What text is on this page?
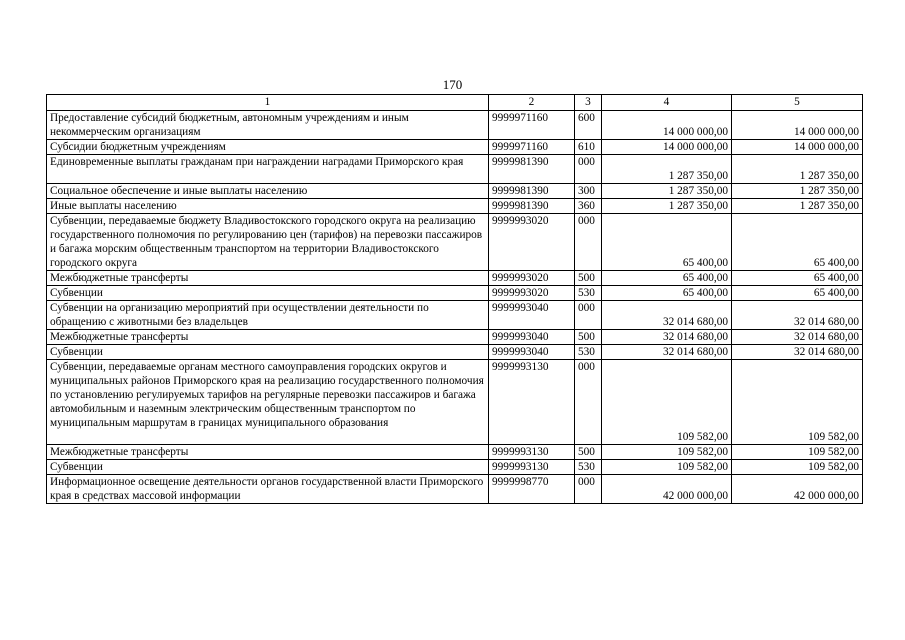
170
1	2	3	4	5
Предоставление субсидий бюджетным, автономным учреждениям и иным некоммерческим организациям	9999971160	600	14 000 000,00	14 000 000,00
Субсидии бюджетным учреждениям	9999971160	610	14 000 000,00	14 000 000,00
Единовременные выплаты гражданам при награждении наградами Приморского края	9999981390	000	1 287 350,00	1 287 350,00
Социальное обеспечение и иные выплаты населению	9999981390	300	1 287 350,00	1 287 350,00
Иные выплаты населению	9999981390	360	1 287 350,00	1 287 350,00
Субвенции, передаваемые бюджету Владивостокского городского округа на реализацию государственного полномочия по регулированию цен (тарифов) на перевозки пассажиров и багажа морским общественным транспортом на территории Владивостокского городского округа	9999993020	000	65 400,00	65 400,00
Межбюджетные трансферты	9999993020	500	65 400,00	65 400,00
Субвенции	9999993020	530	65 400,00	65 400,00
Субвенции на организацию мероприятий при осуществлении деятельности по обращению с животными без владельцев	9999993040	000	32 014 680,00	32 014 680,00
Межбюджетные трансферты	9999993040	500	32 014 680,00	32 014 680,00
Субвенции	9999993040	530	32 014 680,00	32 014 680,00
Субвенции, передаваемые органам местного самоуправления городских округов и муниципальных районов Приморского края на реализацию государственного полномочия по установлению регулируемых тарифов на регулярные перевозки пассажиров и багажа автомобильным и наземным электрическим общественным транспортом по муниципальным маршрутам в границах муниципального образования	9999993130	000	109 582,00	109 582,00
Межбюджетные трансферты	9999993130	500	109 582,00	109 582,00
Субвенции	9999993130	530	109 582,00	109 582,00
Информационное освещение деятельности органов государственной власти Приморского края в средствах массовой информации	9999998770	000	42 000 000,00	42 000 000,00
